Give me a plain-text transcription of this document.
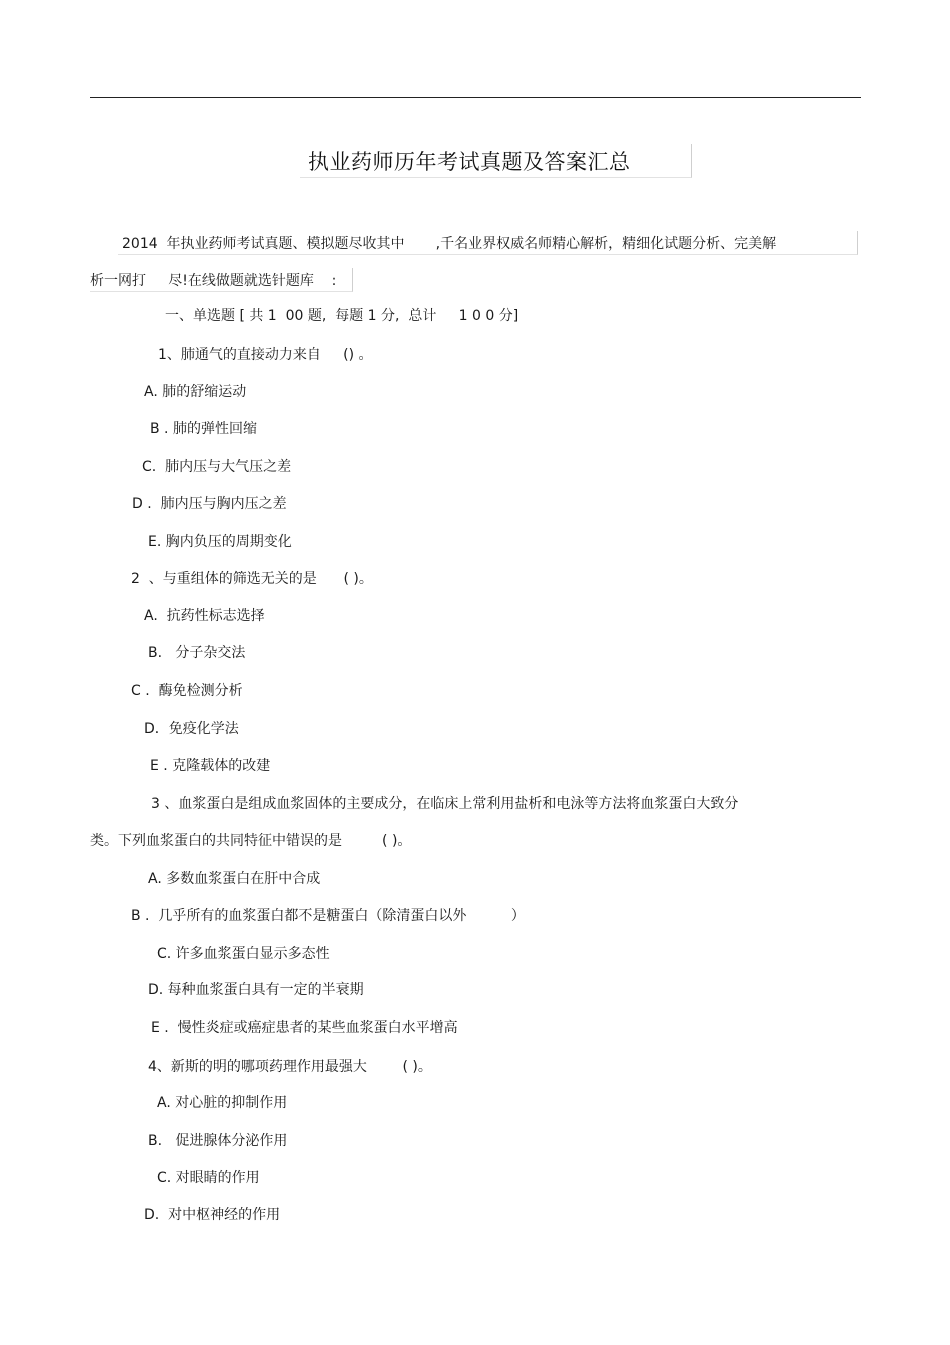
执业药师历年考试真题及答案汇总
2014  年执业药师考试真题、模拟题尽收其中       ,千名业界权威名师精心解析，精细化试题分析、完美解
析一网打     尽!在线做题就选针题库    :
一、单选题 [ 共 1  00 题,  每题 1 分,  总计     1 0 0 分]
1、肺通气的直接动力来自     () 。
A. 肺的舒缩运动
B . 肺的弹性回缩
C.  肺内压与大气压之差
D .  肺内压与胸内压之差
E. 胸内负压的周期变化
2  、与重组体的筛选无关的是      ( )。
A.  抗药性标志选择
B.   分子杂交法
C .  酶免检测分析
D．免疫化学法
E . 克隆载体的改建
3 、血浆蛋白是组成血浆固体的主要成分，在临床上常利用盐析和电泳等方法将血浆蛋白大致分
类。下列血浆蛋白的共同特征中错误的是         ( )。
A. 多数血浆蛋白在肝中合成
B .  几乎所有的血浆蛋白都不是糖蛋白（除清蛋白以外          ）
C. 许多血浆蛋白显示多态性
D. 每种血浆蛋白具有一定的半衰期
E .  慢性炎症或癌症患者的某些血浆蛋白水平增高
4、新斯的明的哪项药理作用最强大        ( )。
A. 对心脏的抑制作用
B.   促进腺体分泌作用
C. 对眼睛的作用
D.  对中枢神经的作用
